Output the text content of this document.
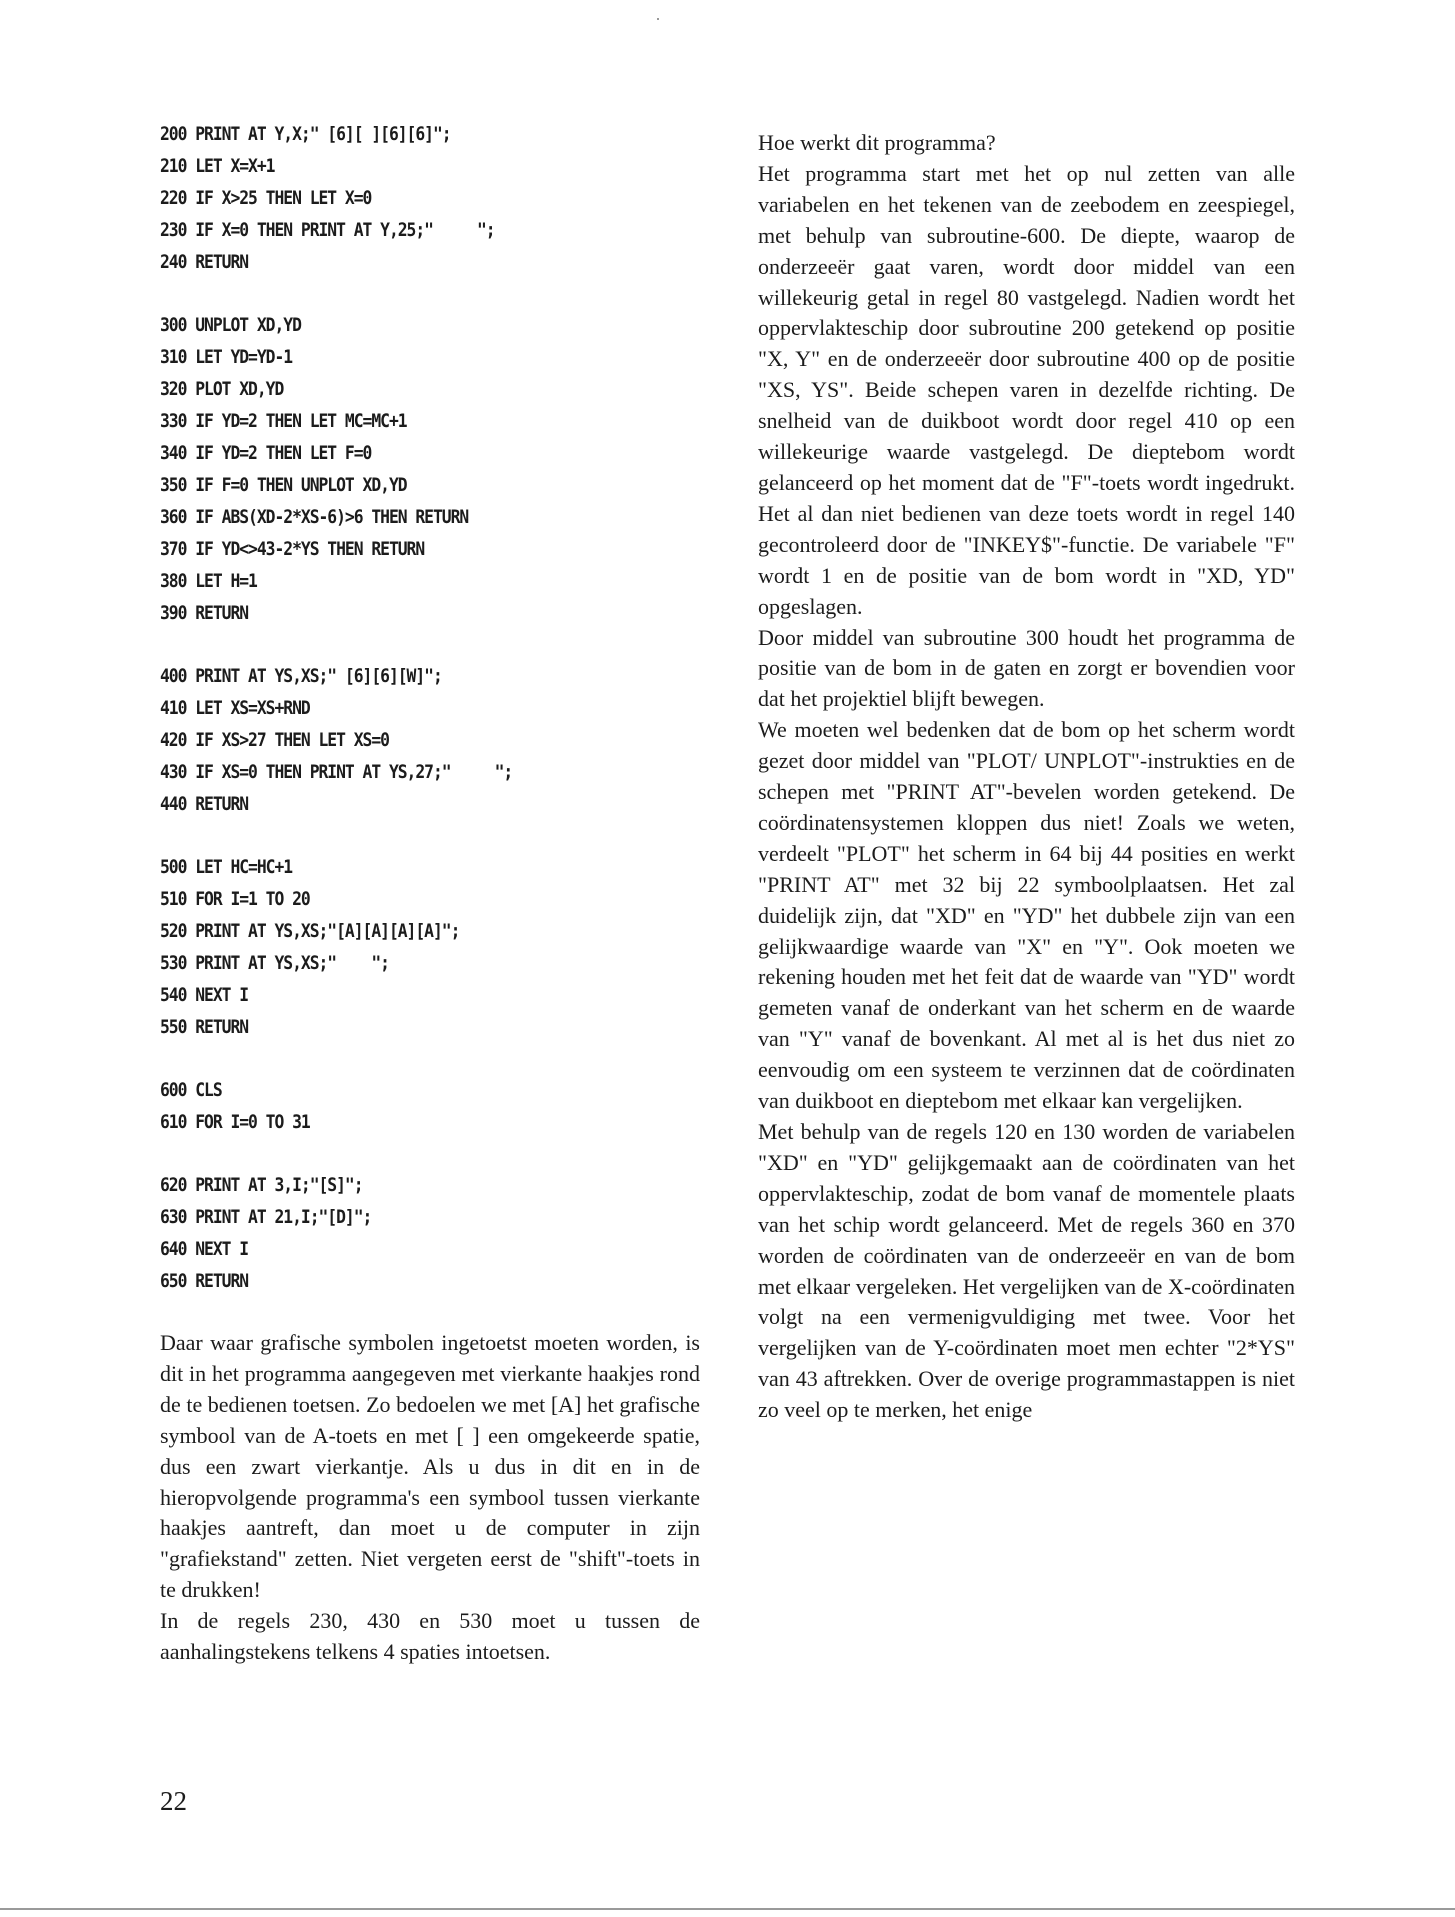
200 PRINT AT Y,X;" [6][ ][6][6]";
210 LET X=X+1
220 IF X>25 THEN LET X=0
230 IF X=0 THEN PRINT AT Y,25;"     ";
240 RETURN
300 UNPLOT XD,YD
310 LET YD=YD-1
320 PLOT XD,YD
330 IF YD=2 THEN LET MC=MC+1
340 IF YD=2 THEN LET F=0
350 IF F=0 THEN UNPLOT XD,YD
360 IF ABS(XD-2*XS-6)>6 THEN RETURN
370 IF YD<>43-2*YS THEN RETURN
380 LET H=1
390 RETURN
400 PRINT AT YS,XS;" [6][6][W]";
410 LET XS=XS+RND
420 IF XS>27 THEN LET XS=0
430 IF XS=0 THEN PRINT AT YS,27;"     ";
440 RETURN
500 LET HC=HC+1
510 FOR I=1 TO 20
520 PRINT AT YS,XS;"[A][A][A][A]";
530 PRINT AT YS,XS;"    ";
540 NEXT I
550 RETURN
600 CLS
610 FOR I=0 TO 31
620 PRINT AT 3,I;"[S]";
630 PRINT AT 21,I;"[D]";
640 NEXT I
650 RETURN

Daar waar grafische symbolen ingetoetst moeten worden, is dit in het programma aangegeven met vierkante haakjes rond de te bedienen toetsen. Zo bedoelen we met [A] het grafische symbool van de A-toets en met [ ] een omgekeerde spatie, dus een zwart vierkantje. Als u dus in dit en in de hieropvolgende programma's een symbool tussen vierkante haakjes aantreft, dan moet u de computer in zijn "grafiekstand" zetten. Niet vergeten eerst de "shift"-toets in te drukken!

In de regels 230, 430 en 530 moet u tussen de aanhalingstekens telkens 4 spaties intoetsen.

Hoe werkt dit programma?

Het programma start met het op nul zetten van alle variabelen en het tekenen van de zeebodem en zeespiegel, met behulp van subroutine-600. De diepte, waarop de onderzeeër gaat varen, wordt door middel van een willekeurig getal in regel 80 vastgelegd. Nadien wordt het oppervlakteschip door subroutine 200 getekend op positie "X, Y" en de onderzeeër door subroutine 400 op de positie "XS, YS". Beide schepen varen in dezelfde richting. De snelheid van de duikboot wordt door regel 410 op een willekeurige waarde vastgelegd. De dieptebom wordt gelanceerd op het moment dat de "F"-toets wordt ingedrukt. Het al dan niet bedienen van deze toets wordt in regel 140 gecontroleerd door de "INKEY$"-functie. De variabele "F" wordt 1 en de positie van de bom wordt in "XD, YD" opgeslagen.

Door middel van subroutine 300 houdt het programma de positie van de bom in de gaten en zorgt er bovendien voor dat het projektiel blijft bewegen.

We moeten wel bedenken dat de bom op het scherm wordt gezet door middel van "PLOT/ UNPLOT"-instrukties en de schepen met "PRINT AT"-bevelen worden getekend. De coördinatensystemen kloppen dus niet! Zoals we weten, verdeelt "PLOT" het scherm in 64 bij 44 posities en werkt "PRINT AT" met 32 bij 22 symboolplaatsen. Het zal duidelijk zijn, dat "XD" en "YD" het dubbele zijn van een gelijkwaardige waarde van "X" en "Y". Ook moeten we rekening houden met het feit dat de waarde van "YD" wordt gemeten vanaf de onderkant van het scherm en de waarde van "Y" vanaf de bovenkant. Al met al is het dus niet zo eenvoudig om een systeem te verzinnen dat de coördinaten van duikboot en dieptebom met elkaar kan vergelijken.

Met behulp van de regels 120 en 130 worden de variabelen "XD" en "YD" gelijkgemaakt aan de coördinaten van het oppervlakteschip, zodat de bom vanaf de momentele plaats van het schip wordt gelanceerd. Met de regels 360 en 370 worden de coördinaten van de onderzeeër en van de bom met elkaar vergeleken. Het vergelijken van de X-coördinaten volgt na een vermenigvuldiging met twee. Voor het vergelijken van de Y-coördinaten moet men echter "2*YS" van 43 aftrekken. Over de overige programmastappen is niet zo veel op te merken, het enige

22
